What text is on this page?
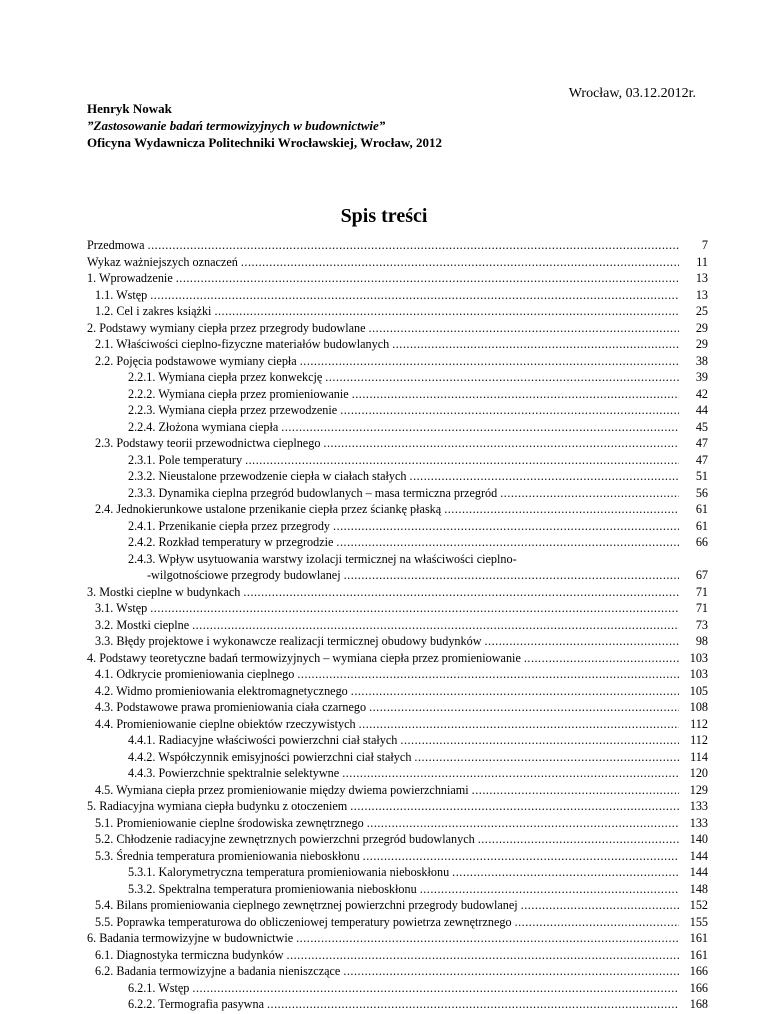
Wrocław, 03.12.2012r.
Henryk Nowak
”Zastosowanie badań termowizyjnych w budownictwie”
Oficyna Wydawnicza Politechniki Wrocławskiej, Wrocław, 2012
Spis treści
Przedmowa .....	7
Wykaz ważniejszych oznaczeń .....	11
1. Wprowadzenie .....	13
1.1. Wstęp .....	13
1.2. Cel i zakres książki .....	25
2. Podstawy wymiany ciepła przez przegrody budowlane .....	29
2.1. Właściwości cieplno-fizyczne materiałów budowlanych .....	29
2.2. Pojęcia podstawowe wymiany ciepła .....	38
2.2.1. Wymiana ciepła przez konwekcję .....	39
2.2.2. Wymiana ciepła przez promieniowanie .....	42
2.2.3. Wymiana ciepła przez przewodzenie .....	44
2.2.4. Złożona wymiana ciepła .....	45
2.3. Podstawy teorii przewodnictwa cieplnego .....	47
2.3.1. Pole temperatury .....	47
2.3.2. Nieustalone przewodzenie ciepła w ciałach stałych .....	51
2.3.3. Dynamika cieplna przegród budowlanych – masa termiczna przegród .....	56
2.4. Jednokierunkowe ustalone przenikanie ciepła przez ściankę płaską .....	61
2.4.1. Przenikanie ciepła przez przegrody .....	61
2.4.2. Rozkład temperatury w przegrodzie .....	66
2.4.3. Wpływ usytuowania warstwy izolacji termicznej na właściwości cieplno-
-wilgotnościowe przegrody budowlanej .....	67
3. Mostki cieplne w budynkach .....	71
3.1. Wstęp .....	71
3.2. Mostki cieplne .....	73
3.3. Błędy projektowe i wykonawcze realizacji termicznej obudowy budynków .....	98
4. Podstawy teoretyczne badań termowizyjnych – wymiana ciepła przez promieniowanie .....	103
4.1. Odkrycie promieniowania cieplnego .....	103
4.2. Widmo promieniowania elektromagnetycznego .....	105
4.3. Podstawowe prawa promieniowania ciała czarnego .....	108
4.4. Promieniowanie cieplne obiektów rzeczywistych .....	112
4.4.1. Radiacyjne właściwości powierzchni ciał stałych .....	112
4.4.2. Współczynnik emisyjności powierzchni ciał stałych .....	114
4.4.3. Powierzchnie spektralnie selektywne .....	120
4.5. Wymiana ciepła przez promieniowanie między dwiema powierzchniami .....	129
5. Radiacyjna wymiana ciepła budynku z otoczeniem .....	133
5.1. Promieniowanie cieplne środowiska zewnętrznego .....	133
5.2. Chłodzenie radiacyjne zewnętrznych powierzchni przegród budowlanych .....	140
5.3. Średnia temperatura promieniowania nieboskłonu .....	144
5.3.1. Kalorymetryczna temperatura promieniowania nieboskłonu .....	144
5.3.2. Spektralna temperatura promieniowania nieboskłonu .....	148
5.4. Bilans promieniowania cieplnego zewnętrznej powierzchni przegrody budowlanej .....	152
5.5. Poprawka temperaturowa do obliczeniowej temperatury powietrza zewnętrznego .....	155
6. Badania termowizyjne w budownictwie .....	161
6.1. Diagnostyka termiczna budynków .....	161
6.2. Badania termowizyjne a badania nieniszczące .....	166
6.2.1. Wstęp .....	166
6.2.2. Termografia pasywna .....	168
